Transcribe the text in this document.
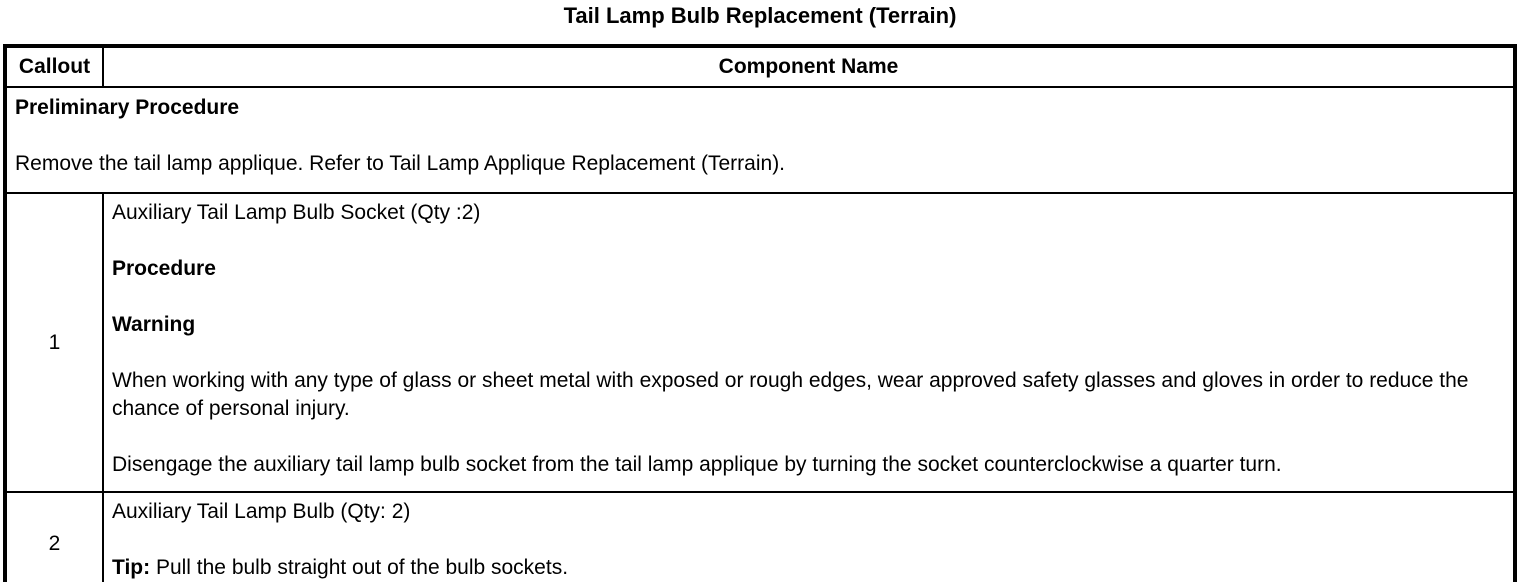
Tail Lamp Bulb Replacement (Terrain)
Callout	Component Name

Preliminary Procedure

Remove the tail lamp applique. Refer to Tail Lamp Applique Replacement (Terrain).	

1	Auxiliary Tail Lamp Bulb Socket (Qty :2)

Procedure

Warning

When working with any type of glass or sheet metal with exposed or rough edges, wear approved safety glasses and gloves in order to reduce the chance of personal injury.

Disengage the auxiliary tail lamp bulb socket from the tail lamp applique by turning the socket counterclockwise a quarter turn.

2	Auxiliary Tail Lamp Bulb (Qty: 2)

Tip: Pull the bulb straight out of the bulb sockets.
